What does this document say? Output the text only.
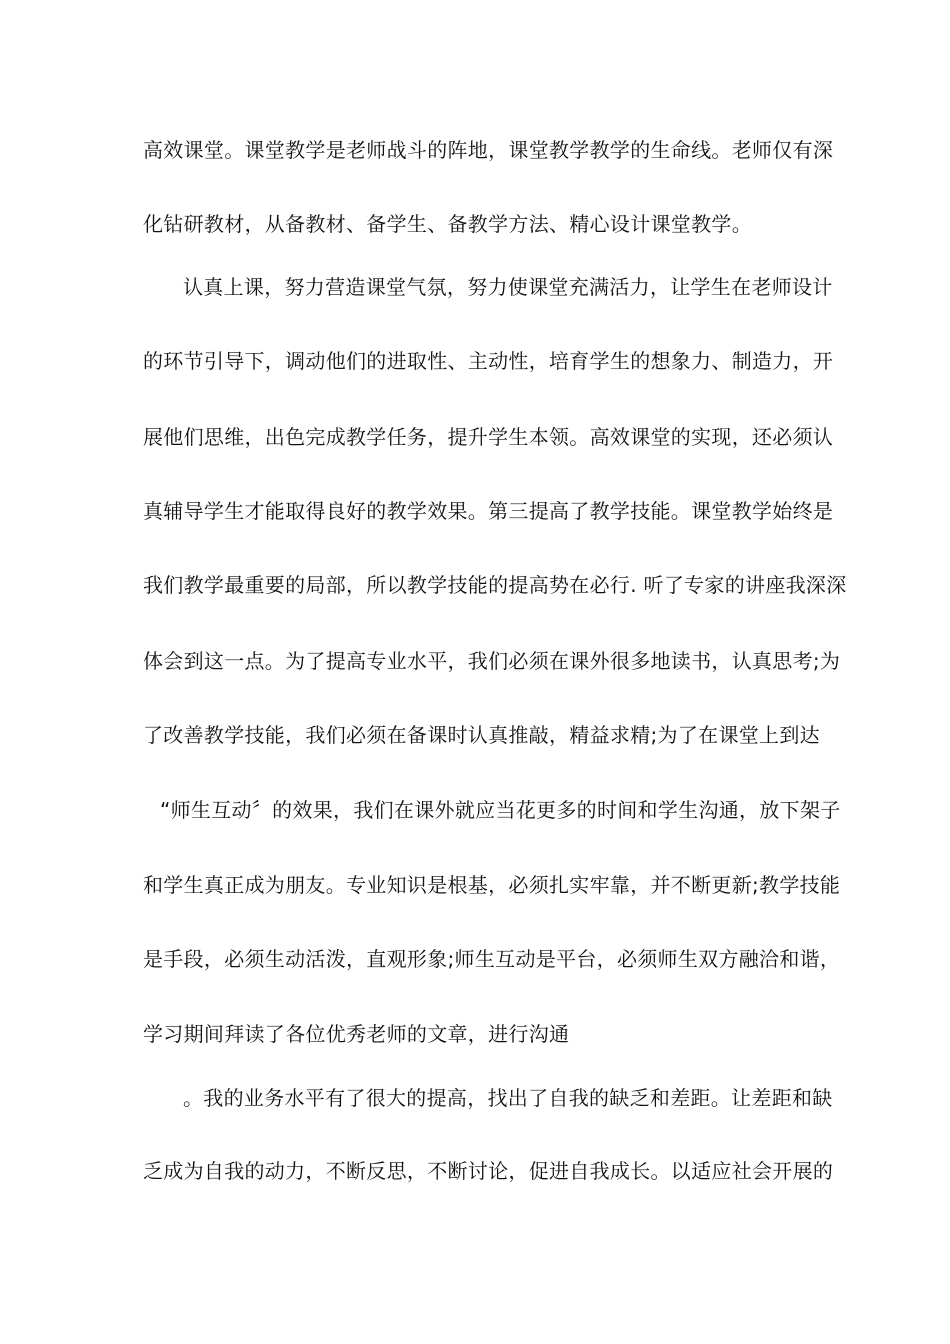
高效课堂。课堂教学是老师战斗的阵地，课堂教学教学的生命线。老师仅有深
化钻研教材，从备教材、备学生、备教学方法、精心设计课堂教学。
认真上课，努力营造课堂气氛，努力使课堂充满活力，让学生在老师设计
的环节引导下，调动他们的进取性、主动性，培育学生的想象力、制造力，开
展他们思维，出色完成教学任务，提升学生本领。高效课堂的实现，还必须认
真辅导学生才能取得良好的教学效果。第三提高了教学技能。课堂教学始终是
我们教学最重要的局部，所以教学技能的提高势在必行. 听了专家的讲座我深深
体会到这一点。为了提高专业水平，我们必须在课外很多地读书，认真思考;为
了改善教学技能，我们必须在备课时认真推敲，精益求精;为了在课堂上到达
“师生互动〞的效果，我们在课外就应当花更多的时间和学生沟通，放下架子
和学生真正成为朋友。专业知识是根基，必须扎实牢靠，并不断更新;教学技能
是手段，必须生动活泼，直观形象;师生互动是平台，必须师生双方融洽和谐，
学习期间拜读了各位优秀老师的文章，进行沟通
。我的业务水平有了很大的提高，找出了自我的缺乏和差距。让差距和缺
乏成为自我的动力，不断反思，不断讨论，促进自我成长。以适应社会开展的
